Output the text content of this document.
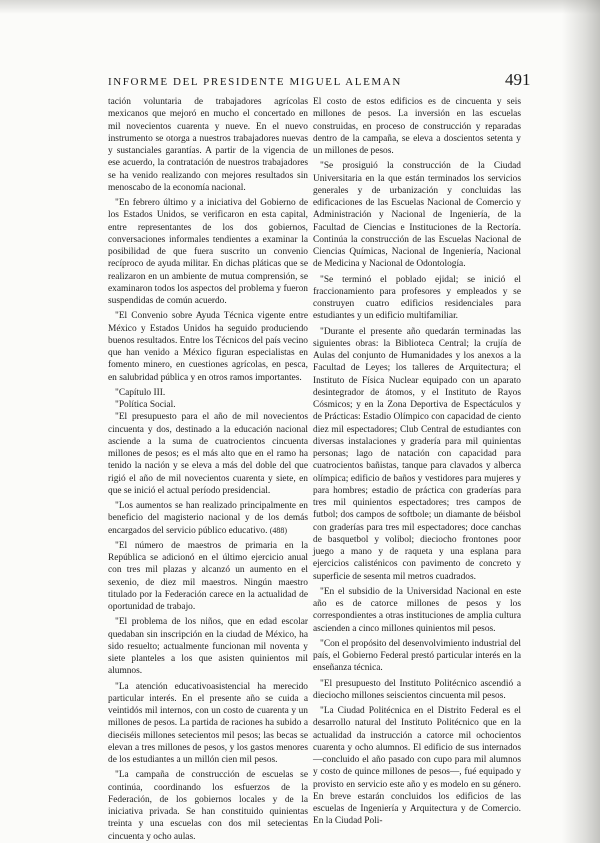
INFORME DEL PRESIDENTE MIGUEL ALEMAN	491

tación voluntaria de trabajadores agrícolas mexicanos que mejoró en mucho el concertado en mil novecientos cuarenta y nueve. En el nuevo instrumento se otorga a nuestros trabajadores nuevas y sustanciales garantías. A partir de la vigencia de ese acuerdo, la contratación de nuestros trabajadores se ha venido realizando con mejores resultados sin menoscabo de la economía nacional.

"En febrero último y a iniciativa del Gobierno de los Estados Unidos, se verificaron en esta capital, entre representantes de los dos gobiernos, conversaciones informales tendientes a examinar la posibilidad de que fuera suscrito un convenio recíproco de ayuda militar. En dichas pláticas que se realizaron en un ambiente de mutua comprensión, se examinaron todos los aspectos del problema y fueron suspendidas de común acuerdo.

"El Convenio sobre Ayuda Técnica vigente entre México y Estados Unidos ha seguido produciendo buenos resultados. Entre los Técnicos del país vecino que han venido a México figuran especialistas en fomento minero, en cuestiones agrícolas, en pesca, en salubridad pública y en otros ramos importantes.

"Capítulo III.

"Política Social.

"El presupuesto para el año de mil novecientos cincuenta y dos, destinado a la educación nacional asciende a la suma de cuatrocientos cincuenta millones de pesos; es el más alto que en el ramo ha tenido la nación y se eleva a más del doble del que rigió el año de mil novecientos cuarenta y siete, en que se inició el actual período presidencial.

"Los aumentos se han realizado principalmente en beneficio del magisterio nacional y de los demás encargados del servicio público educativo. (488)

"El número de maestros de primaria en la República se adicionó en el último ejercicio anual con tres mil plazas y alcanzó un aumento en el sexenio, de diez mil maestros. Ningún maestro titulado por la Federación carece en la actualidad de oportunidad de trabajo.

"El problema de los niños, que en edad escolar quedaban sin inscripción en la ciudad de México, ha sido resuelto; actualmente funcionan mil noventa y siete planteles a los que asisten quinientos mil alumnos.

"La atención educativoasistencial ha merecido particular interés. En el presente año se cuida a veintidós mil internos, con un costo de cuarenta y un millones de pesos. La partida de raciones ha subido a dieciséis millones setecientos mil pesos; las becas se elevan a tres millones de pesos, y los gastos menores de los estudiantes a un millón cien mil pesos.

"La campaña de construcción de escuelas se continúa, coordinando los esfuerzos de la Federación, de los gobiernos locales y de la iniciativa privada. Se han constituido quinientas treinta y una escuelas con dos mil setecientas cincuenta y ocho aulas.

El costo de estos edificios es de cincuenta y seis millones de pesos. La inversión en las escuelas construidas, en proceso de construcción y reparadas dentro de la campaña, se eleva a doscientos setenta y un millones de pesos.

"Se prosiguió la construcción de la Ciudad Universitaria en la que están terminados los servicios generales y de urbanización y concluidas las edificaciones de las Escuelas Nacional de Comercio y Administración y Nacional de Ingeniería, de la Facultad de Ciencias e Instituciones de la Rectoría. Continúa la construcción de las Escuelas Nacional de Ciencias Químicas, Nacional de Ingeniería, Nacional de Medicina y Nacional de Odontología.

"Se terminó el poblado ejidal; se inició el fraccionamiento para profesores y empleados y se construyen cuatro edificios residenciales para estudiantes y un edificio multifamiliar.

"Durante el presente año quedarán terminadas las siguientes obras: la Biblioteca Central; la crujía de Aulas del conjunto de Humanidades y los anexos a la Facultad de Leyes; los talleres de Arquitectura; el Instituto de Física Nuclear equipado con un aparato desintegrador de átomos, y el Instituto de Rayos Cósmicos; y en la Zona Deportiva de Espectáculos y de Prácticas: Estadio Olímpico con capacidad de ciento diez mil espectadores; Club Central de estudiantes con diversas instalaciones y gradería para mil quinientas personas; lago de natación con capacidad para cuatrocientos bañistas, tanque para clavados y alberca olímpica; edificio de baños y vestidores para mujeres y para hombres; estadio de práctica con graderías para tres mil quinientos espectadores; tres campos de futbol; dos campos de softbole; un diamante de béisbol con graderías para tres mil espectadores; doce canchas de basquetbol y volibol; dieciocho frontones poor juego a mano y de raqueta y una esplana para ejercicios calisténicos con pavimento de concreto y superficie de sesenta mil metros cuadrados.

"En el subsidio de la Universidad Nacional en este año es de catorce millones de pesos y los correspondientes a otras instituciones de amplia cultura ascienden a cinco millones quinientos mil pesos.

"Con el propósito del desenvolvimiento industrial del país, el Gobierno Federal prestó particular interés en la enseñanza técnica.

"El presupuesto del Instituto Politécnico ascendió a dieciocho millones seiscientos cincuenta mil pesos.

"La Ciudad Politécnica en el Distrito Federal es el desarrollo natural del Instituto Politécnico que en la actualidad da instrucción a catorce mil ochocientos cuarenta y ocho alumnos. El edificio de sus internados —concluido el año pasado con cupo para mil alumnos y costo de quince millones de pesos—, fué equipado y provisto en servicio este año y es modelo en su género. En breve estarán concluidos los edificios de las escuelas de Ingeniería y Arquitectura y de Comercio. En la Ciudad Poli-
